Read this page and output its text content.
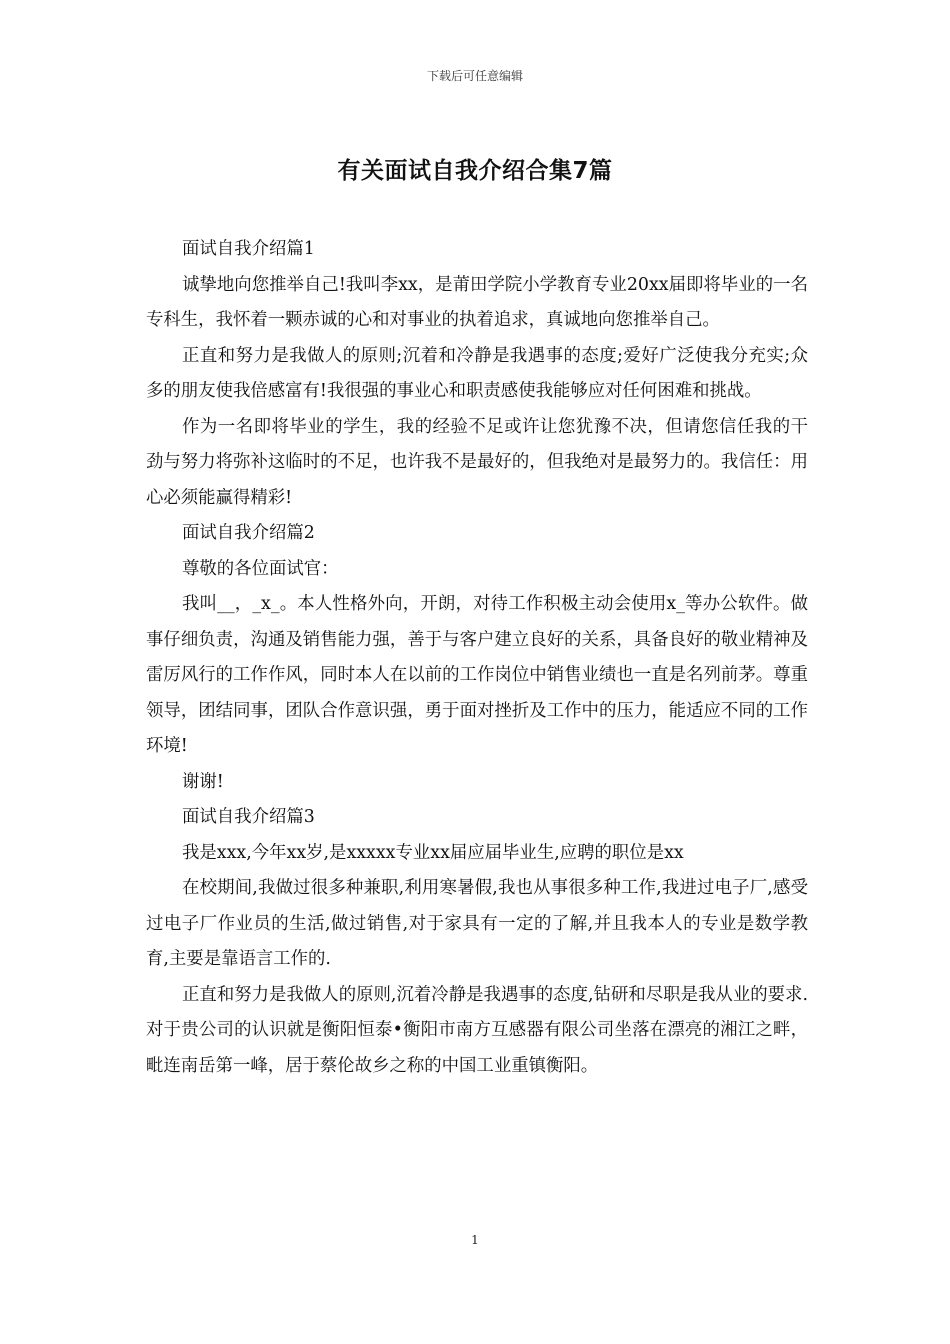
下载后可任意编辑
有关面试自我介绍合集7篇

面试自我介绍篇1

诚挚地向您推举自己!我叫李xx，是莆田学院小学教育专业20xx届即将毕业的一名专科生，我怀着一颗赤诚的心和对事业的执着追求，真诚地向您推举自己。

正直和努力是我做人的原则;沉着和冷静是我遇事的态度;爱好广泛使我分充实;众多的朋友使我倍感富有!我很强的事业心和职责感使我能够应对任何困难和挑战。

作为一名即将毕业的学生，我的经验不足或许让您犹豫不决，但请您信任我的干劲与努力将弥补这临时的不足，也许我不是最好的，但我绝对是最努力的。我信任：用心必须能赢得精彩!

面试自我介绍篇2

尊敬的各位面试官：

我叫__，_x_。本人性格外向，开朗，对待工作积极主动会使用x_等办公软件。做事仔细负责，沟通及销售能力强，善于与客户建立良好的关系，具备良好的敬业精神及雷厉风行的工作作风，同时本人在以前的工作岗位中销售业绩也一直是名列前茅。尊重领导，团结同事，团队合作意识强，勇于面对挫折及工作中的压力，能适应不同的工作环境!

谢谢!

面试自我介绍篇3

我是xxx,今年xx岁,是xxxxx专业xx届应届毕业生,应聘的职位是xx

在校期间,我做过很多种兼职,利用寒暑假,我也从事很多种工作,我进过电子厂,感受过电子厂作业员的生活,做过销售,对于家具有一定的了解,并且我本人的专业是数学教育,主要是靠语言工作的.

正直和努力是我做人的原则,沉着冷静是我遇事的态度,钻研和尽职是我从业的要求.对于贵公司的认识就是衡阳恒泰•衡阳市南方互感器有限公司坐落在漂亮的湘江之畔，毗连南岳第一峰，居于蔡伦故乡之称的中国工业重镇衡阳。

1
